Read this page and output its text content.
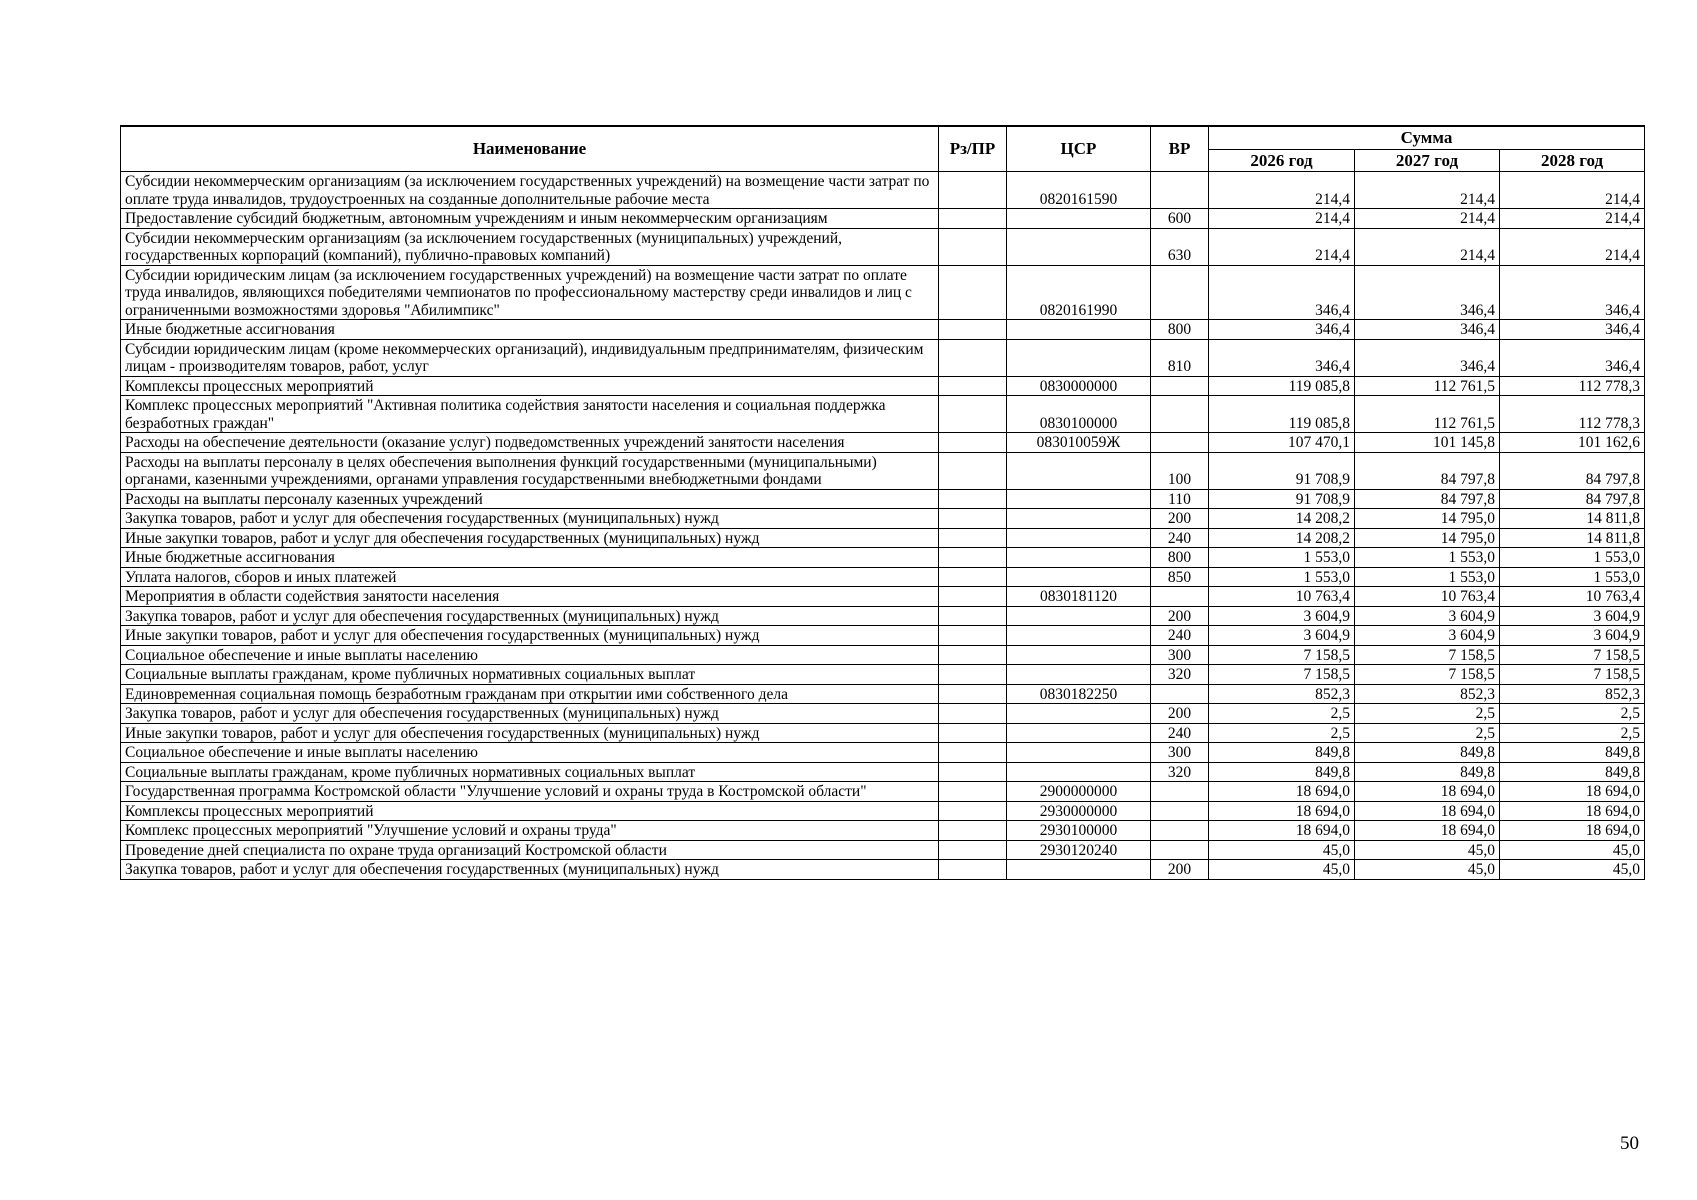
Наименование	Рз/ПР	ЦСР	ВР	Сумма		
				2026 год	2027 год	2028 год
Субсидии некоммерческим организациям (за исключением государственных учреждений) на возмещение части затрат по оплате труда инвалидов, трудоустроенных на созданные дополнительные рабочие места		0820161590		214,4	214,4	214,4
Предоставление субсидий бюджетным, автономным учреждениям и иным некоммерческим организациям			600	214,4	214,4	214,4
Субсидии некоммерческим организациям (за исключением государственных (муниципальных) учреждений, государственных корпораций (компаний), публично-правовых компаний)			630	214,4	214,4	214,4
Субсидии юридическим лицам (за исключением государственных учреждений) на возмещение части затрат по оплате труда инвалидов, являющихся победителями чемпионатов по профессиональному мастерству среди инвалидов и лиц с ограниченными возможностями здоровья "Абилимпикс"		0820161990		346,4	346,4	346,4
Иные бюджетные ассигнования			800	346,4	346,4	346,4
Субсидии юридическим лицам (кроме некоммерческих организаций), индивидуальным предпринимателям, физическим лицам - производителям товаров, работ, услуг			810	346,4	346,4	346,4
Комплексы процессных мероприятий		0830000000		119 085,8	112 761,5	112 778,3
Комплекс процессных мероприятий "Активная политика содействия занятости населения и социальная поддержка безработных граждан"		0830100000		119 085,8	112 761,5	112 778,3
Расходы на обеспечение деятельности (оказание услуг) подведомственных учреждений занятости населения		083010059Ж		107 470,1	101 145,8	101 162,6
Расходы на выплаты персоналу в целях обеспечения выполнения функций государственными (муниципальными) органами, казенными учреждениями, органами управления государственными внебюджетными фондами			100	91 708,9	84 797,8	84 797,8
Расходы на выплаты персоналу казенных учреждений			110	91 708,9	84 797,8	84 797,8
Закупка товаров, работ и услуг для обеспечения государственных (муниципальных) нужд			200	14 208,2	14 795,0	14 811,8
Иные закупки товаров, работ и услуг для обеспечения государственных (муниципальных) нужд			240	14 208,2	14 795,0	14 811,8
Иные бюджетные ассигнования			800	1 553,0	1 553,0	1 553,0
Уплата налогов, сборов и иных платежей			850	1 553,0	1 553,0	1 553,0
Мероприятия в области содействия занятости населения		0830181120		10 763,4	10 763,4	10 763,4
Закупка товаров, работ и услуг для обеспечения государственных (муниципальных) нужд			200	3 604,9	3 604,9	3 604,9
Иные закупки товаров, работ и услуг для обеспечения государственных (муниципальных) нужд			240	3 604,9	3 604,9	3 604,9
Социальное обеспечение и иные выплаты населению			300	7 158,5	7 158,5	7 158,5
Социальные выплаты гражданам, кроме публичных нормативных социальных выплат			320	7 158,5	7 158,5	7 158,5
Единовременная социальная помощь безработным гражданам при открытии ими собственного дела		0830182250		852,3	852,3	852,3
Закупка товаров, работ и услуг для обеспечения государственных (муниципальных) нужд			200	2,5	2,5	2,5
Иные закупки товаров, работ и услуг для обеспечения государственных (муниципальных) нужд			240	2,5	2,5	2,5
Социальное обеспечение и иные выплаты населению			300	849,8	849,8	849,8
Социальные выплаты гражданам, кроме публичных нормативных социальных выплат			320	849,8	849,8	849,8
Государственная программа Костромской области "Улучшение условий и охраны труда в Костромской области"		2900000000		18 694,0	18 694,0	18 694,0
Комплексы процессных мероприятий		2930000000		18 694,0	18 694,0	18 694,0
Комплекс процессных мероприятий "Улучшение условий и охраны труда"		2930100000		18 694,0	18 694,0	18 694,0
Проведение дней специалиста по охране труда организаций Костромской области		2930120240		45,0	45,0	45,0
Закупка товаров, работ и услуг для обеспечения государственных (муниципальных) нужд			200	45,0	45,0	45,0
50
